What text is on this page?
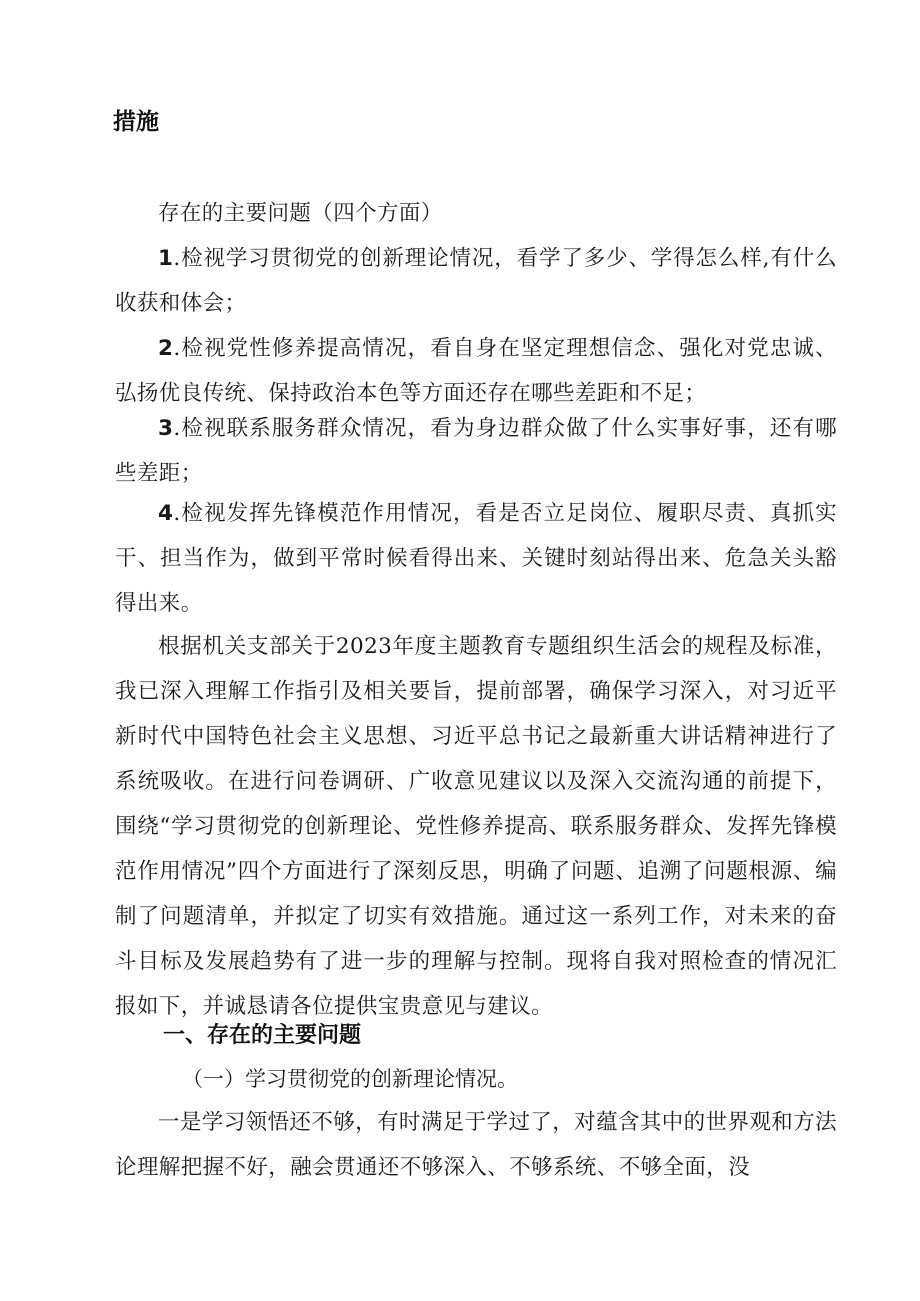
措施
存在的主要问题（四个方面）
1.检视学习贯彻党的创新理论情况，看学了多少、学得怎么样,有什么收获和体会；
2.检视党性修养提高情况，看自身在坚定理想信念、强化对党忠诚、弘扬优良传统、保持政治本色等方面还存在哪些差距和不足；
3.检视联系服务群众情况，看为身边群众做了什么实事好事，还有哪些差距；
4.检视发挥先锋模范作用情况，看是否立足岗位、履职尽责、真抓实干、担当作为，做到平常时候看得出来、关键时刻站得出来、危急关头豁得出来。
根据机关支部关于2023年度主题教育专题组织生活会的规程及标准，我已深入理解工作指引及相关要旨，提前部署，确保学习深入，对习近平新时代中国特色社会主义思想、习近平总书记之最新重大讲话精神进行了系统吸收。在进行问卷调研、广收意见建议以及深入交流沟通的前提下，围绕“学习贯彻党的创新理论、党性修养提高、联系服务群众、发挥先锋模范作用情况”四个方面进行了深刻反思，明确了问题、追溯了问题根源、编制了问题清单，并拟定了切实有效措施。通过这一系列工作，对未来的奋斗目标及发展趋势有了进一步的理解与控制。现将自我对照检查的情况汇报如下，并诚恳请各位提供宝贵意见与建议。
一、存在的主要问题
（一）学习贯彻党的创新理论情况。
一是学习领悟还不够，有时满足于学过了，对蕴含其中的世界观和方法论理解把握不好，融会贯通还不够深入、不够系统、不够全面，没
